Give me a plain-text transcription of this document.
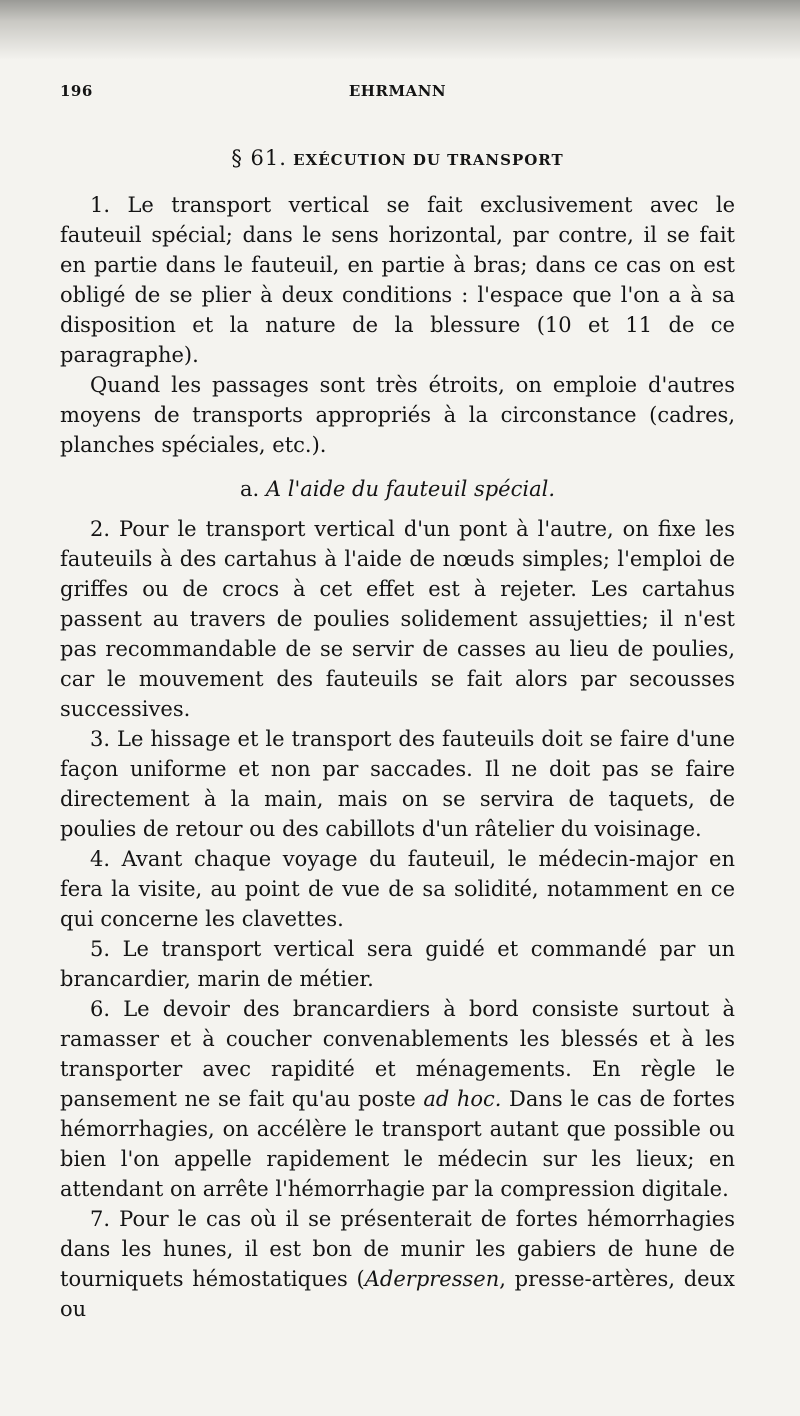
196	EHRMANN
§ 61. EXÉCUTION DU TRANSPORT

1. Le transport vertical se fait exclusivement avec le fauteuil spécial; dans le sens horizontal, par contre, il se fait en partie dans le fauteuil, en partie à bras; dans ce cas on est obligé de se plier à deux conditions : l'espace que l'on a à sa disposition et la nature de la blessure (10 et 11 de ce paragraphe).

Quand les passages sont très étroits, on emploie d'autres moyens de transports appropriés à la circonstance (cadres, planches spéciales, etc.).

a. A l'aide du fauteuil spécial.

2. Pour le transport vertical d'un pont à l'autre, on fixe les fauteuils à des cartahus à l'aide de nœuds simples; l'emploi de griffes ou de crocs à cet effet est à rejeter. Les cartahus passent au travers de poulies solidement assujetties; il n'est pas recommandable de se servir de casses au lieu de poulies, car le mouvement des fauteuils se fait alors par secousses successives.

3. Le hissage et le transport des fauteuils doit se faire d'une façon uniforme et non par saccades. Il ne doit pas se faire directement à la main, mais on se servira de taquets, de poulies de retour ou des cabillots d'un râtelier du voisinage.

4. Avant chaque voyage du fauteuil, le médecin-major en fera la visite, au point de vue de sa solidité, notamment en ce qui concerne les clavettes.

5. Le transport vertical sera guidé et commandé par un brancardier, marin de métier.

6. Le devoir des brancardiers à bord consiste surtout à ramasser et à coucher convenablements les blessés et à les transporter avec rapidité et ménagements. En règle le pansement ne se fait qu'au poste ad hoc. Dans le cas de fortes hémorrhagies, on accélère le transport autant que possible ou bien l'on appelle rapidement le médecin sur les lieux; en attendant on arrête l'hémorrhagie par la compression digitale.

7. Pour le cas où il se présenterait de fortes hémorrhagies dans les hunes, il est bon de munir les gabiers de hune de tourniquets hémostatiques (Aderpressen, presse-artères, deux ou
